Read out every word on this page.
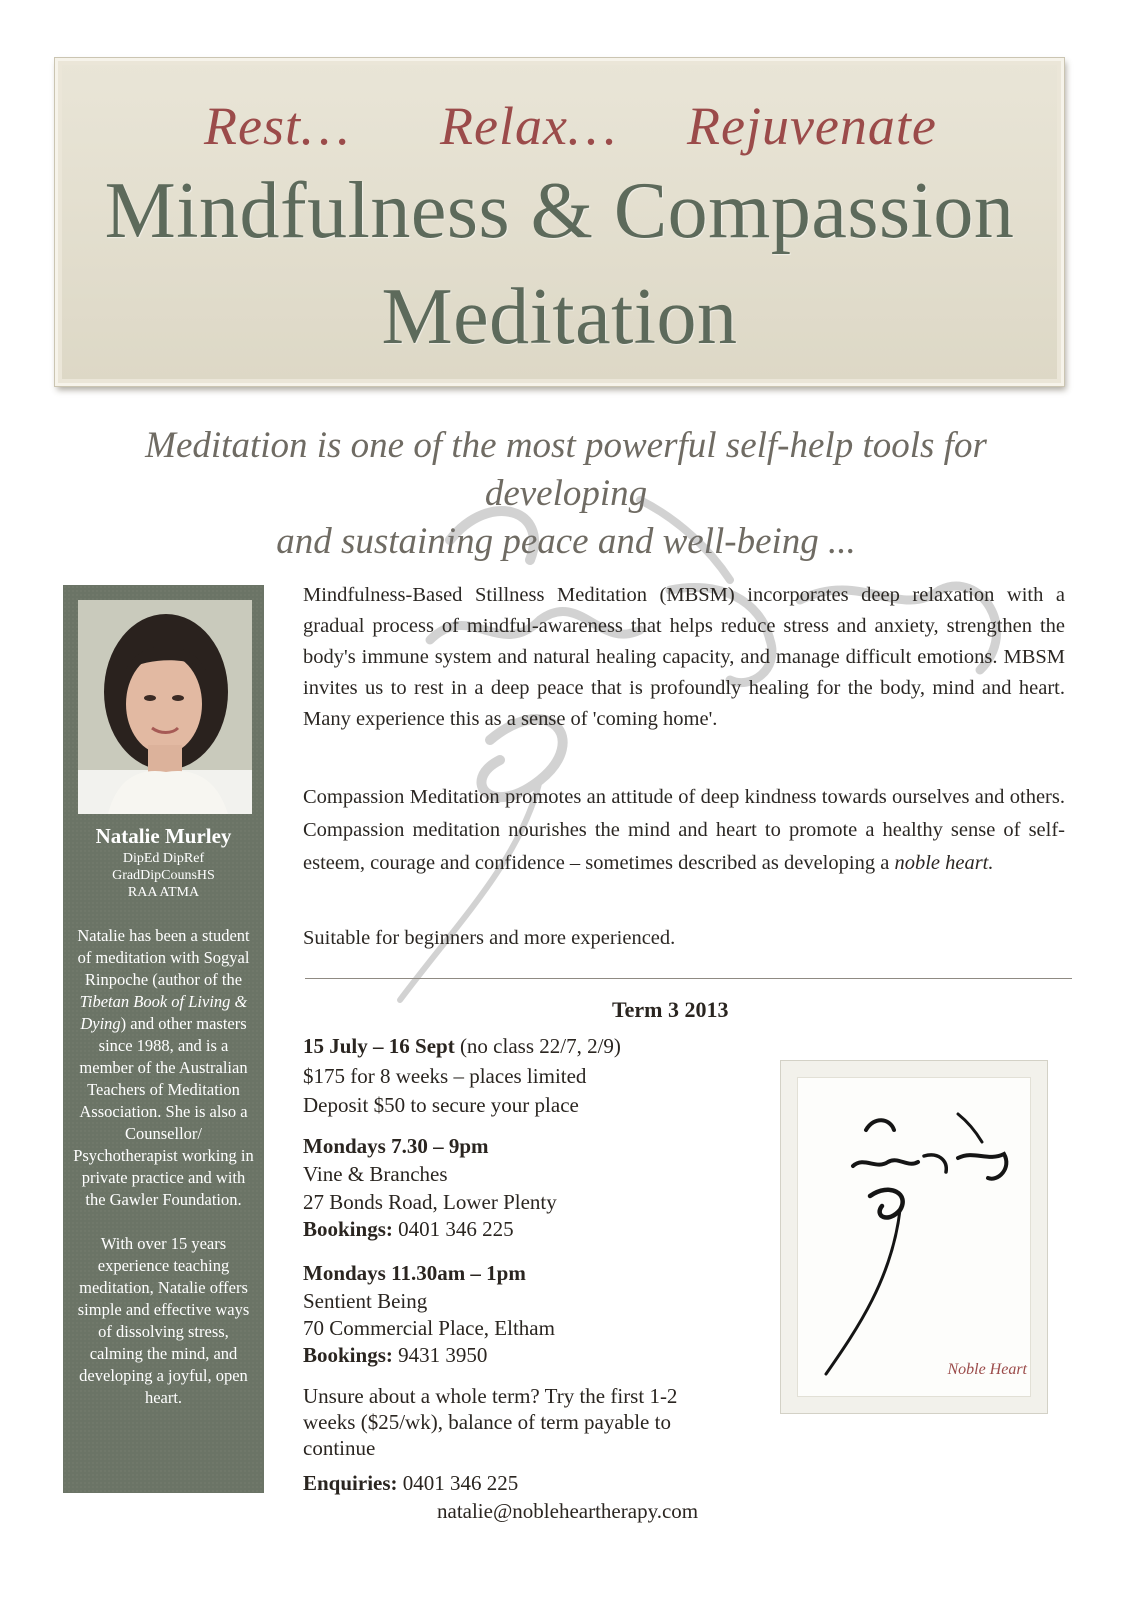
Rest… Relax… Rejuvenate
Mindfulness & Compassion
Meditation
Meditation is one of the most powerful self-help tools for developing
and sustaining peace and well-being ...
Natalie Murley
DipEd DipRef
GradDipCounsHS
RAA ATMA

Natalie has been a student of meditation with Sogyal Rinpoche (author of the Tibetan Book of Living & Dying) and other masters since 1988, and is a member of the Australian Teachers of Meditation Association. She is also a Counsellor/ Psychotherapist working in private practice and with the Gawler Foundation.

With over 15 years experience teaching meditation, Natalie offers simple and effective ways of dissolving stress, calming the mind, and developing a joyful, open heart.

Mindfulness-Based Stillness Meditation (MBSM) incorporates deep relaxation with a gradual process of mindful-awareness that helps reduce stress and anxiety, strengthen the body's immune system and natural healing capacity, and manage difficult emotions. MBSM invites us to rest in a deep peace that is profoundly healing for the body, mind and heart. Many experience this as a sense of 'coming home'.
Compassion Meditation promotes an attitude of deep kindness towards ourselves and others. Compassion meditation nourishes the mind and heart to promote a healthy sense of self-esteem, courage and confidence – sometimes described as developing a noble heart.
Suitable for beginners and more experienced.
Term 3 2013
15 July – 16 Sept (no class 22/7, 2/9)
$175 for 8 weeks – places limited
Deposit $50 to secure your place
Mondays 7.30 – 9pm
Vine & Branches
27 Bonds Road, Lower Plenty
Bookings: 0401 346 225
Mondays 11.30am – 1pm
Sentient Being
70 Commercial Place, Eltham
Bookings: 9431 3950
Unsure about a whole term? Try the first 1-2
weeks ($25/wk), balance of term payable to
continue
Enquiries: 0401 346 225
natalie@nobleheartherapy.com
Noble Heart
